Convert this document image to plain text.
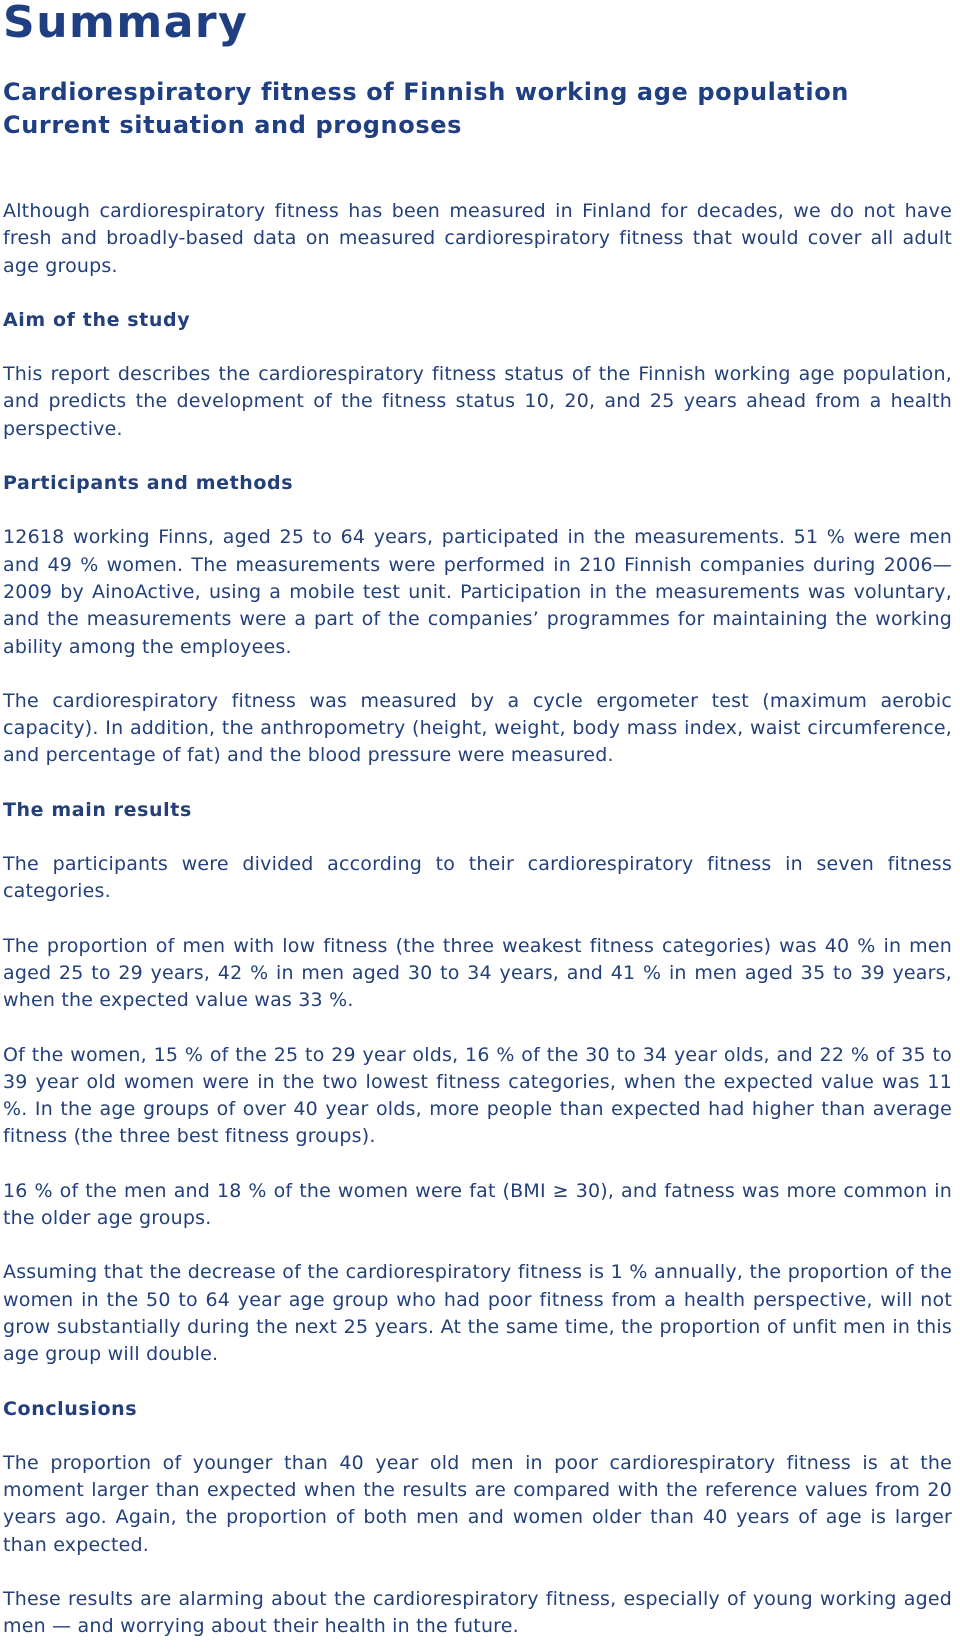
Summary
Cardiorespiratory fitness of Finnish working age population
Current situation and prognoses

Although cardiorespiratory fitness has been measured in Finland for decades, we do not have fresh and broadly-based data on measured cardiorespiratory fitness that would cover all adult age groups.

Aim of the study

This report describes the cardiorespiratory fitness status of the Finnish working age population, and predicts the development of the fitness status 10, 20, and 25 years ahead from a health perspective.

Participants and methods

12618 working Finns, aged 25 to 64 years, participated in the measurements. 51 % were men and 49 % women. The measurements were performed in 210 Finnish companies during 2006—2009 by AinoActive, using a mobile test unit. Participation in the measurements was voluntary, and the measurements were a part of the companies’ programmes for maintaining the working ability among the employees.

The cardiorespiratory fitness was measured by a cycle ergometer test (maximum aerobic capacity). In addition, the anthropometry (height, weight, body mass index, waist circumference, and percentage of fat) and the blood pressure were measured.

The main results

The participants were divided according to their cardiorespiratory fitness in seven fitness categories.

The proportion of men with low fitness (the three weakest fitness categories) was 40 % in men aged 25 to 29 years, 42 % in men aged 30 to 34 years, and 41 % in men aged 35 to 39 years, when the expected value was 33 %.

Of the women, 15 % of the 25 to 29 year olds, 16 % of the 30 to 34 year olds, and 22 % of 35 to 39 year old women were in the two lowest fitness categories, when the expected value was 11 %. In the age groups of over 40 year olds, more people than expected had higher than average fitness (the three best fitness groups).

16 % of the men and 18 % of the women were fat (BMI ≥ 30), and fatness was more common in the older age groups.

Assuming that the decrease of the cardiorespiratory fitness is 1 % annually, the proportion of the women in the 50 to 64 year age group who had poor fitness from a health perspective, will not grow substantially during the next 25 years. At the same time, the proportion of unfit men in this age group will double.

Conclusions

The proportion of younger than 40 year old men in poor cardiorespiratory fitness is at the moment larger than expected when the results are compared with the reference values from 20 years ago. Again, the proportion of both men and women older than 40 years of age is larger than expected.

These results are alarming about the cardiorespiratory fitness, especially of young working aged men — and worrying about their health in the future.
